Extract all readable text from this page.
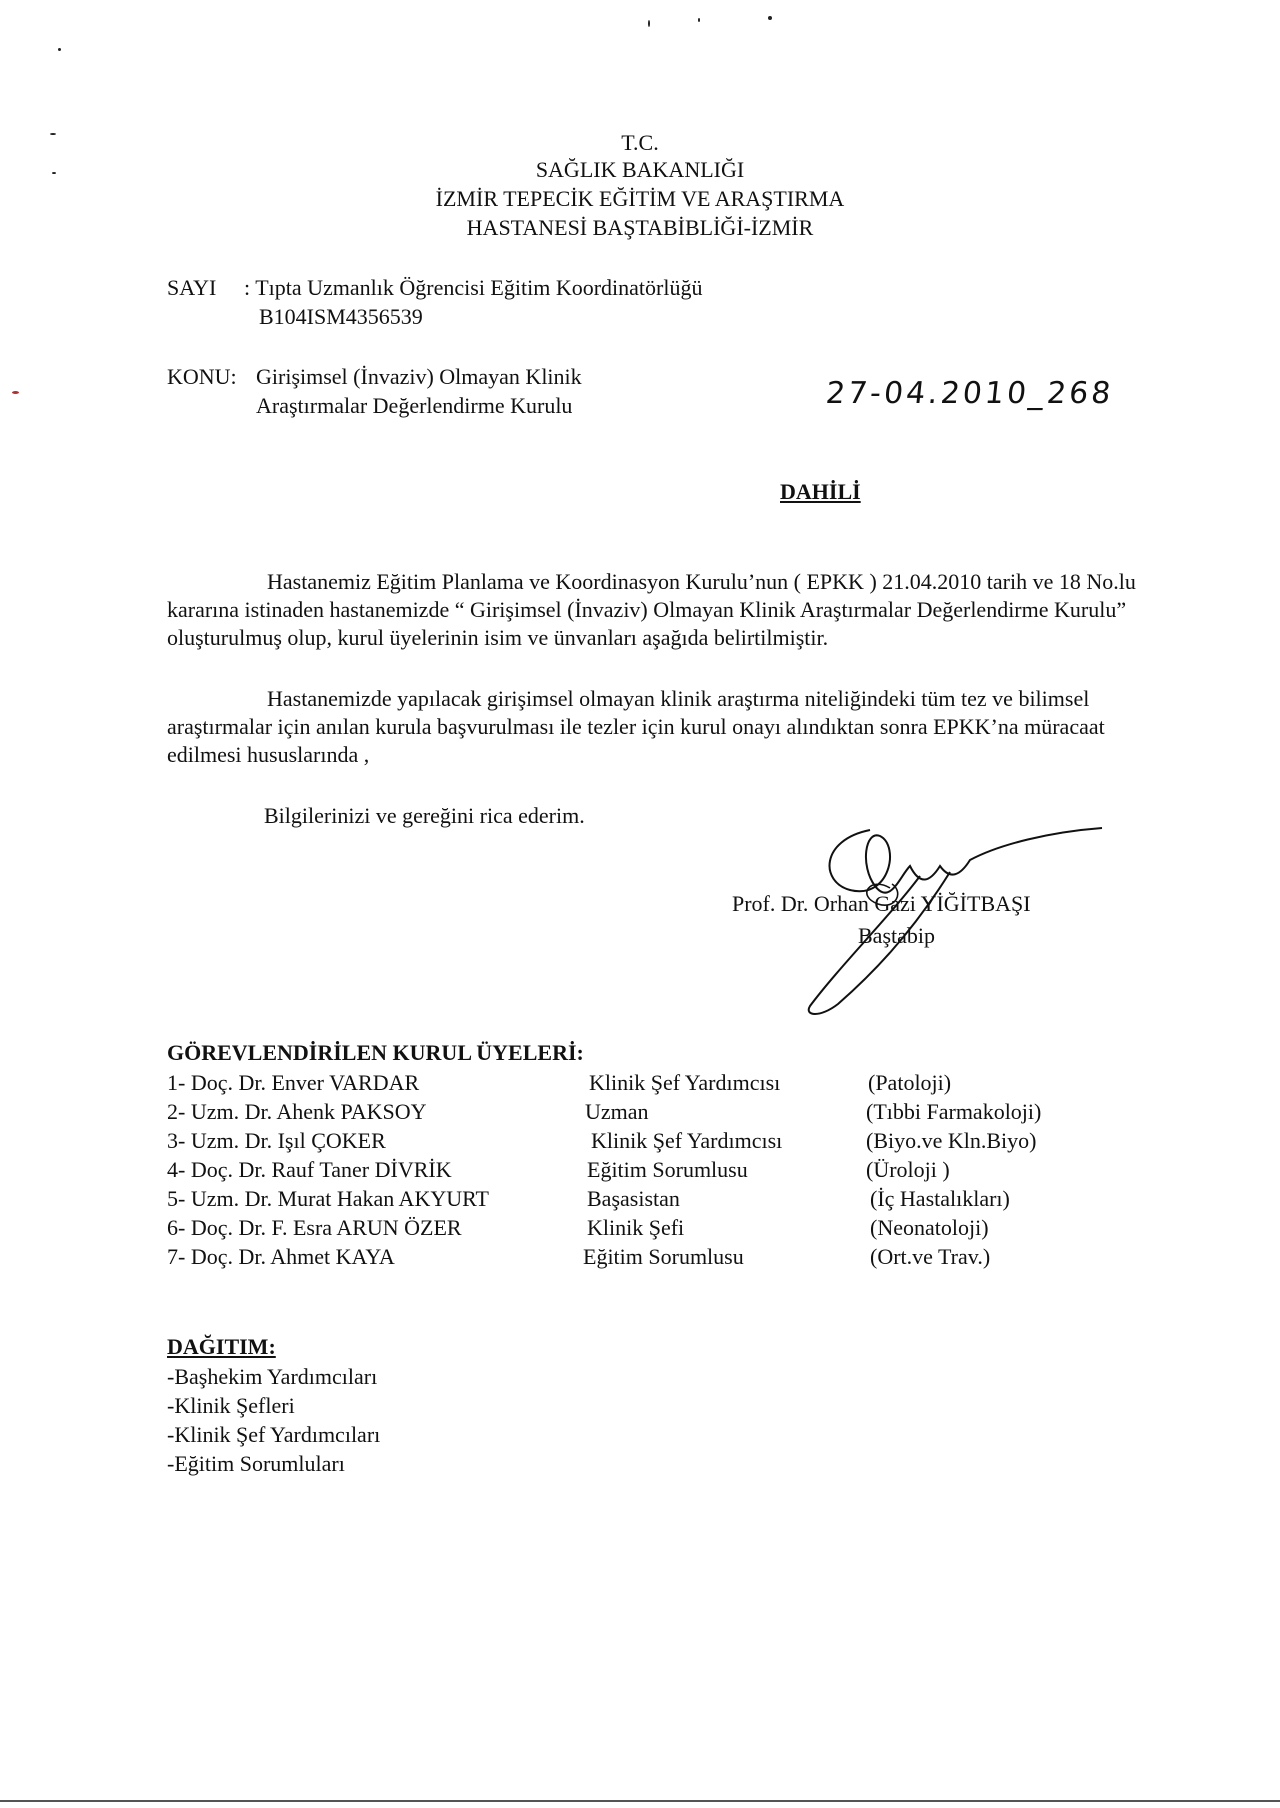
T.C.
SAĞLIK BAKANLIĞI
İZMİR TEPECİK EĞİTİM VE ARAŞTIRMA
HASTANESİ BAŞTABİBLİĞİ-İZMİR
SAYI : Tıpta Uzmanlık Öğrencisi Eğitim Koordinatörlüğü
B104ISM4356539
KONU: Girişimsel (İnvaziv) Olmayan Klinik
Araştırmalar Değerlendirme Kurulu	27-04.2010_268
DAHİLİ
Hastanemiz Eğitim Planlama ve Koordinasyon Kurulu’nun ( EPKK ) 21.04.2010 tarih ve 18 No.lu kararına istinaden hastanemizde “ Girişimsel (İnvaziv) Olmayan Klinik Araştırmalar Değerlendirme Kurulu” oluşturulmuş olup, kurul üyelerinin isim ve ünvanları aşağıda belirtilmiştir.
Hastanemizde yapılacak girişimsel olmayan klinik araştırma niteliğindeki tüm tez ve bilimsel araştırmalar için anılan kurula başvurulması ile tezler için kurul onayı alındıktan sonra EPKK’na müracaat edilmesi hususlarında ,
Bilgilerinizi ve gereğini rica ederim.
Prof. Dr. Orhan Gazi YİĞİTBAŞI
Baştabip
GÖREVLENDİRİLEN KURUL ÜYELERİ:
1- Doç. Dr. Enver VARDAR	Klinik Şef Yardımcısı	(Patoloji)
2- Uzm. Dr. Ahenk PAKSOY	Uzman	(Tıbbi Farmakoloji)
3- Uzm. Dr. Işıl ÇOKER	Klinik Şef Yardımcısı	(Biyo.ve Kln.Biyo)
4- Doç. Dr. Rauf Taner DİVRİK	Eğitim Sorumlusu	(Üroloji )
5- Uzm. Dr. Murat Hakan AKYURT	Başasistan	(İç Hastalıkları)
6- Doç. Dr. F. Esra ARUN ÖZER	Klinik Şefi	(Neonatoloji)
7- Doç. Dr. Ahmet KAYA	Eğitim Sorumlusu	(Ort.ve Trav.)
DAĞITIM:
-Başhekim Yardımcıları
-Klinik Şefleri
-Klinik Şef Yardımcıları
-Eğitim Sorumluları
